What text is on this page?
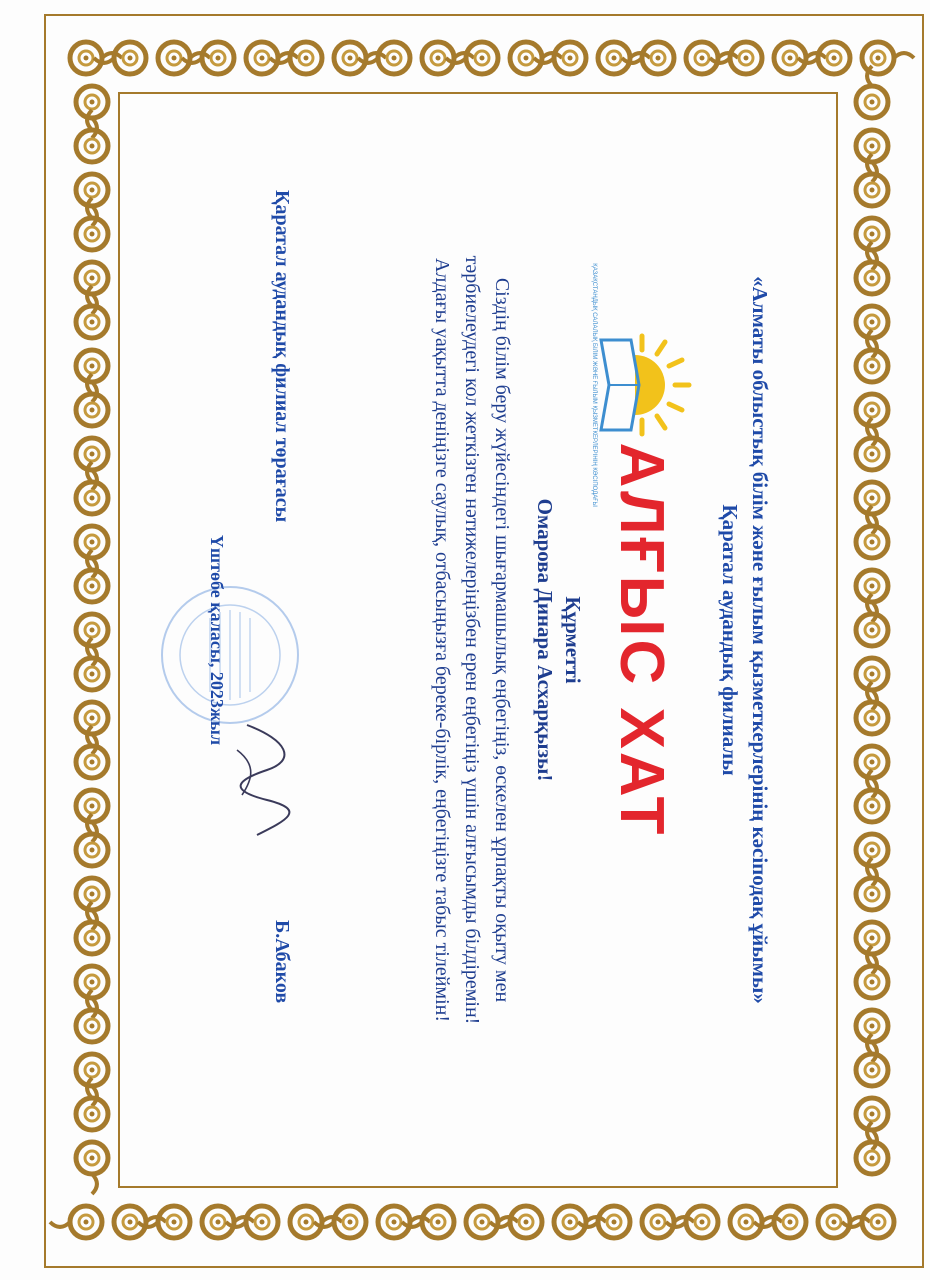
«Алматы облыстық білім және ғылым қызметкерлерінің кәсіподақ ұйымы» Қаратал аудандық филиалы
ҚАЗАҚСТАНДЫҚ САЛАЛЫҚ БІЛІМ ЖӘНЕ ҒЫЛЫМ ҚЫЗМЕТКЕРЛЕРІНІҢ КӘСІПОДАҒЫ
АЛҒЫС ХАТ
Құрметті
Омарова Динара Асхарқызы!
Сіздің білім беру жүйесіндегі шығармашылық еңбегіңіз, өскелен ұрпақты оқыту мен тәрбиелеудегі кол жеткізген нәтижелеріңізбен ерен еңбегіңіз үшін алғысымды білдіремін! Алдағы уақытта деніңізге саулық, отбасыңызға береке-бірлік, еңбегіңізге табыс тілеймін!
Қаратал аудандық филиал төрағасы
Б.Абаков
Үштөбе қаласы, 2023жыл
